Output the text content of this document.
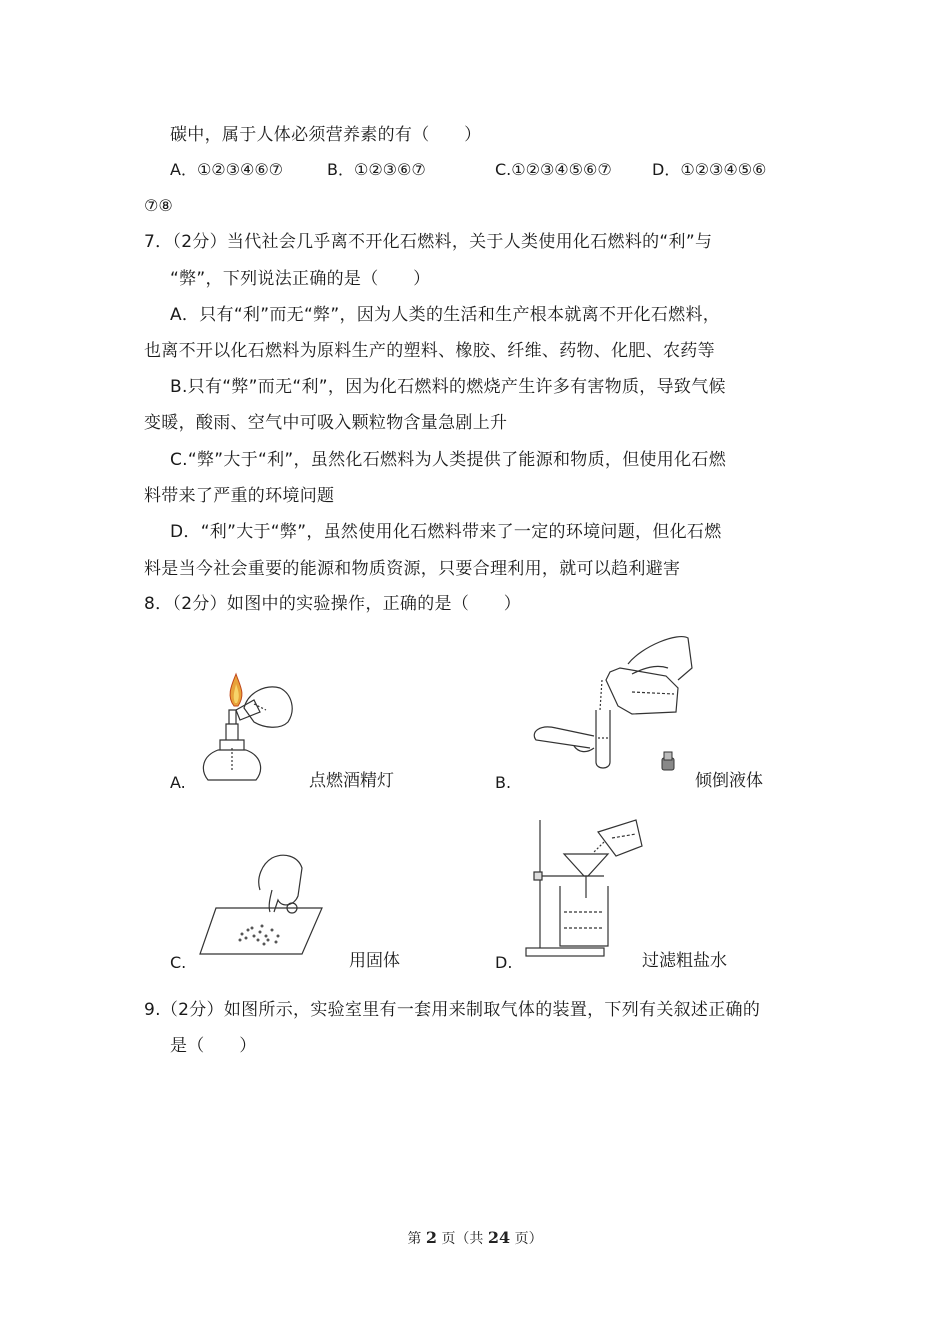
碳中，属于人体必须营养素的有（　　）
A．①②③④⑥⑦	B．①②③⑥⑦	C.①②③④⑤⑥⑦	D．①②③④⑤⑥
⑦⑧
7．（2分）当代社会几乎离不开化石燃料，关于人类使用化石燃料的“利”与
“弊”，下列说法正确的是（　　）
A．只有“利”而无“弊”，因为人类的生活和生产根本就离不开化石燃料，
也离不开以化石燃料为原料生产的塑料、橡胶、纤维、药物、化肥、农药等
B.只有“弊”而无“利”，因为化石燃料的燃烧产生许多有害物质，导致气候
变暖，酸雨、空气中可吸入颗粒物含量急剧上升
C.“弊”大于“利”，虽然化石燃料为人类提供了能源和物质，但使用化石燃
料带来了严重的环境问题
D．“利”大于“弊”，虽然使用化石燃料带来了一定的环境问题，但化石燃
料是当今社会重要的能源和物质资源，只要合理利用，就可以趋利避害
8．（2分）如图中的实验操作，正确的是（　　）
A.	点燃酒精灯	B.	倾倒液体
C.	用固体	D.	过滤粗盐水
9.（2分）如图所示，实验室里有一套用来制取气体的装置，下列有关叙述正确的
是（　　）
第 2 页（共 24 页）
